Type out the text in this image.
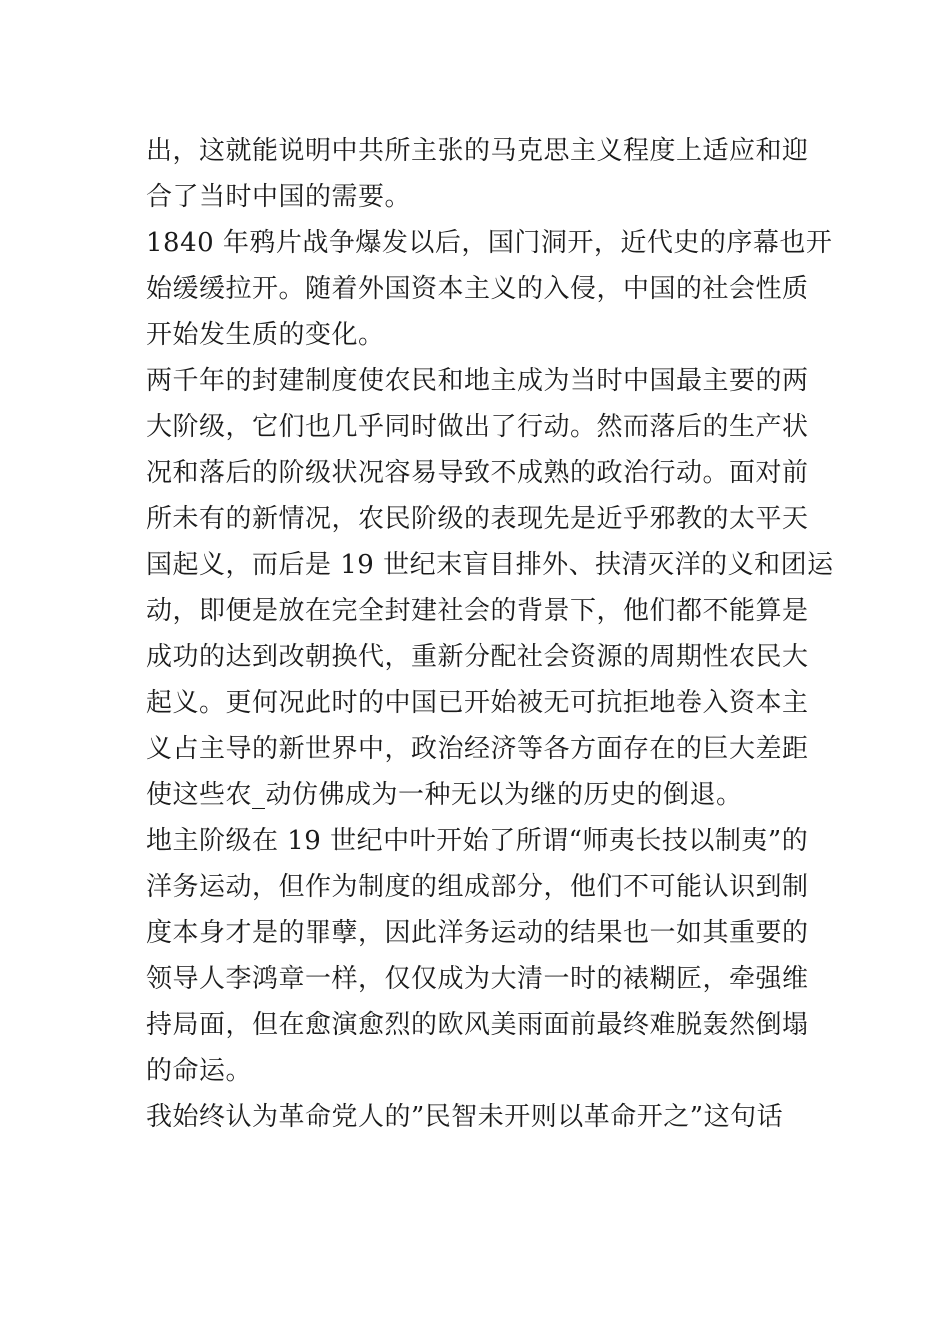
出，这就能说明中共所主张的马克思主义程度上适应和迎
合了当时中国的需要。
1840 年鸦片战争爆发以后，国门洞开，近代史的序幕也开
始缓缓拉开。随着外国资本主义的入侵，中国的社会性质
开始发生质的变化。
两千年的封建制度使农民和地主成为当时中国最主要的两
大阶级，它们也几乎同时做出了行动。然而落后的生产状
况和落后的阶级状况容易导致不成熟的政治行动。面对前
所未有的新情况，农民阶级的表现先是近乎邪教的太平天
国起义，而后是 19 世纪末盲目排外、扶清灭洋的义和团运
动，即便是放在完全封建社会的背景下，他们都不能算是
成功的达到改朝换代，重新分配社会资源的周期性农民大
起义。更何况此时的中国已开始被无可抗拒地卷入资本主
义占主导的新世界中，政治经济等各方面存在的巨大差距
使这些农_动仿佛成为一种无以为继的历史的倒退。
地主阶级在 19 世纪中叶开始了所谓“师夷长技以制夷”的
洋务运动，但作为制度的组成部分，他们不可能认识到制
度本身才是的罪孽，因此洋务运动的结果也一如其重要的
领导人李鸿章一样，仅仅成为大清一时的裱糊匠，牵强维
持局面，但在愈演愈烈的欧风美雨面前最终难脱轰然倒塌
的命运。
我始终认为革命党人的”民智未开则以革命开之”这句话
